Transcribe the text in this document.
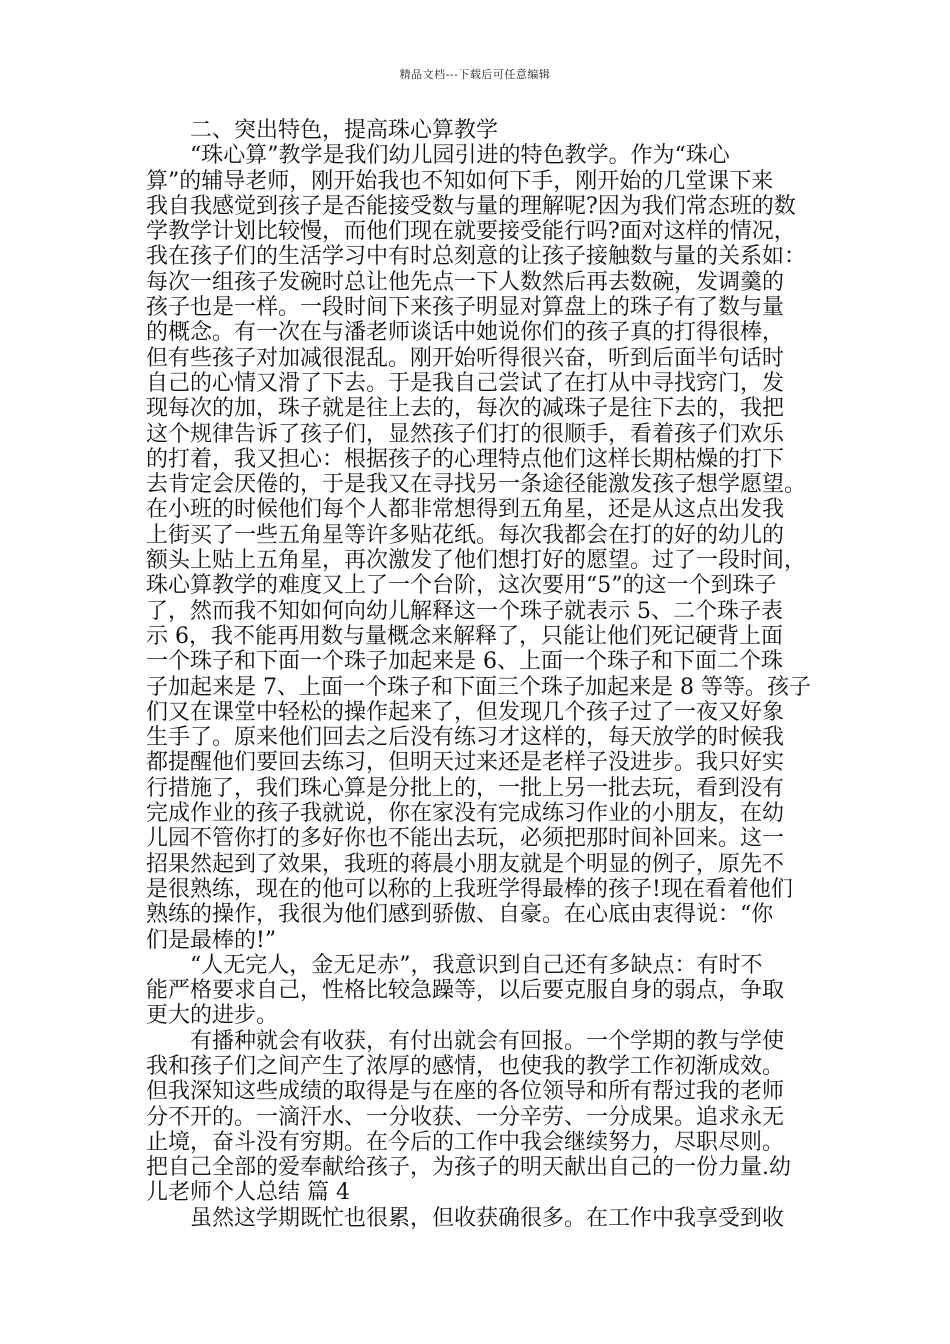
精品文档---下载后可任意编辑
二、突出特色，提高珠心算教学
“珠心算”教学是我们幼儿园引进的特色教学。作为“珠心
算”的辅导老师，刚开始我也不知如何下手，刚开始的几堂课下来
我自我感觉到孩子是否能接受数与量的理解呢?因为我们常态班的数
学教学计划比较慢，而他们现在就要接受能行吗?面对这样的情况，
我在孩子们的生活学习中有时总刻意的让孩子接触数与量的关系如：
每次一组孩子发碗时总让他先点一下人数然后再去数碗，发调羹的
孩子也是一样。一段时间下来孩子明显对算盘上的珠子有了数与量
的概念。有一次在与潘老师谈话中她说你们的孩子真的打得很棒，
但有些孩子对加减很混乱。刚开始听得很兴奋，听到后面半句话时
自己的心情又滑了下去。于是我自己尝试了在打从中寻找窍门，发
现每次的加，珠子就是往上去的，每次的减珠子是往下去的，我把
这个规律告诉了孩子们，显然孩子们打的很顺手，看着孩子们欢乐
的打着，我又担心：根据孩子的心理特点他们这样长期枯燥的打下
去肯定会厌倦的，于是我又在寻找另一条途径能激发孩子想学愿望。
在小班的时候他们每个人都非常想得到五角星，还是从这点出发我
上街买了一些五角星等许多贴花纸。每次我都会在打的好的幼儿的
额头上贴上五角星，再次激发了他们想打好的愿望。过了一段时间，
珠心算教学的难度又上了一个台阶，这次要用“5”的这一个到珠子
了，然而我不知如何向幼儿解释这一个珠子就表示 5、二个珠子表
示 6，我不能再用数与量概念来解释了，只能让他们死记硬背上面
一个珠子和下面一个珠子加起来是 6、上面一个珠子和下面二个珠
子加起来是 7、上面一个珠子和下面三个珠子加起来是 8 等等。孩子
们又在课堂中轻松的操作起来了，但发现几个孩子过了一夜又好象
生手了。原来他们回去之后没有练习才这样的，每天放学的时候我
都提醒他们要回去练习，但明天过来还是老样子没进步。我只好实
行措施了，我们珠心算是分批上的，一批上另一批去玩，看到没有
完成作业的孩子我就说，你在家没有完成练习作业的小朋友，在幼
儿园不管你打的多好你也不能出去玩，必须把那时间补回来。这一
招果然起到了效果，我班的蒋晨小朋友就是个明显的例子，原先不
是很熟练，现在的他可以称的上我班学得最棒的孩子!现在看着他们
熟练的操作，我很为他们感到骄傲、自豪。在心底由衷得说：“你
们是最棒的!”
“人无完人，金无足赤”，我意识到自己还有多缺点：有时不
能严格要求自己，性格比较急躁等，以后要克服自身的弱点，争取
更大的进步。
有播种就会有收获，有付出就会有回报。一个学期的教与学使
我和孩子们之间产生了浓厚的感情，也使我的教学工作初渐成效。
但我深知这些成绩的取得是与在座的各位领导和所有帮过我的老师
分不开的。一滴汗水、一分收获、一分辛劳、一分成果。追求永无
止境，奋斗没有穷期。在今后的工作中我会继续努力，尽职尽则。
把自己全部的爱奉献给孩子，为孩子的明天献出自己的一份力量.幼
儿老师个人总结 篇 4
虽然这学期既忙也很累，但收获确很多。在工作中我享受到收
